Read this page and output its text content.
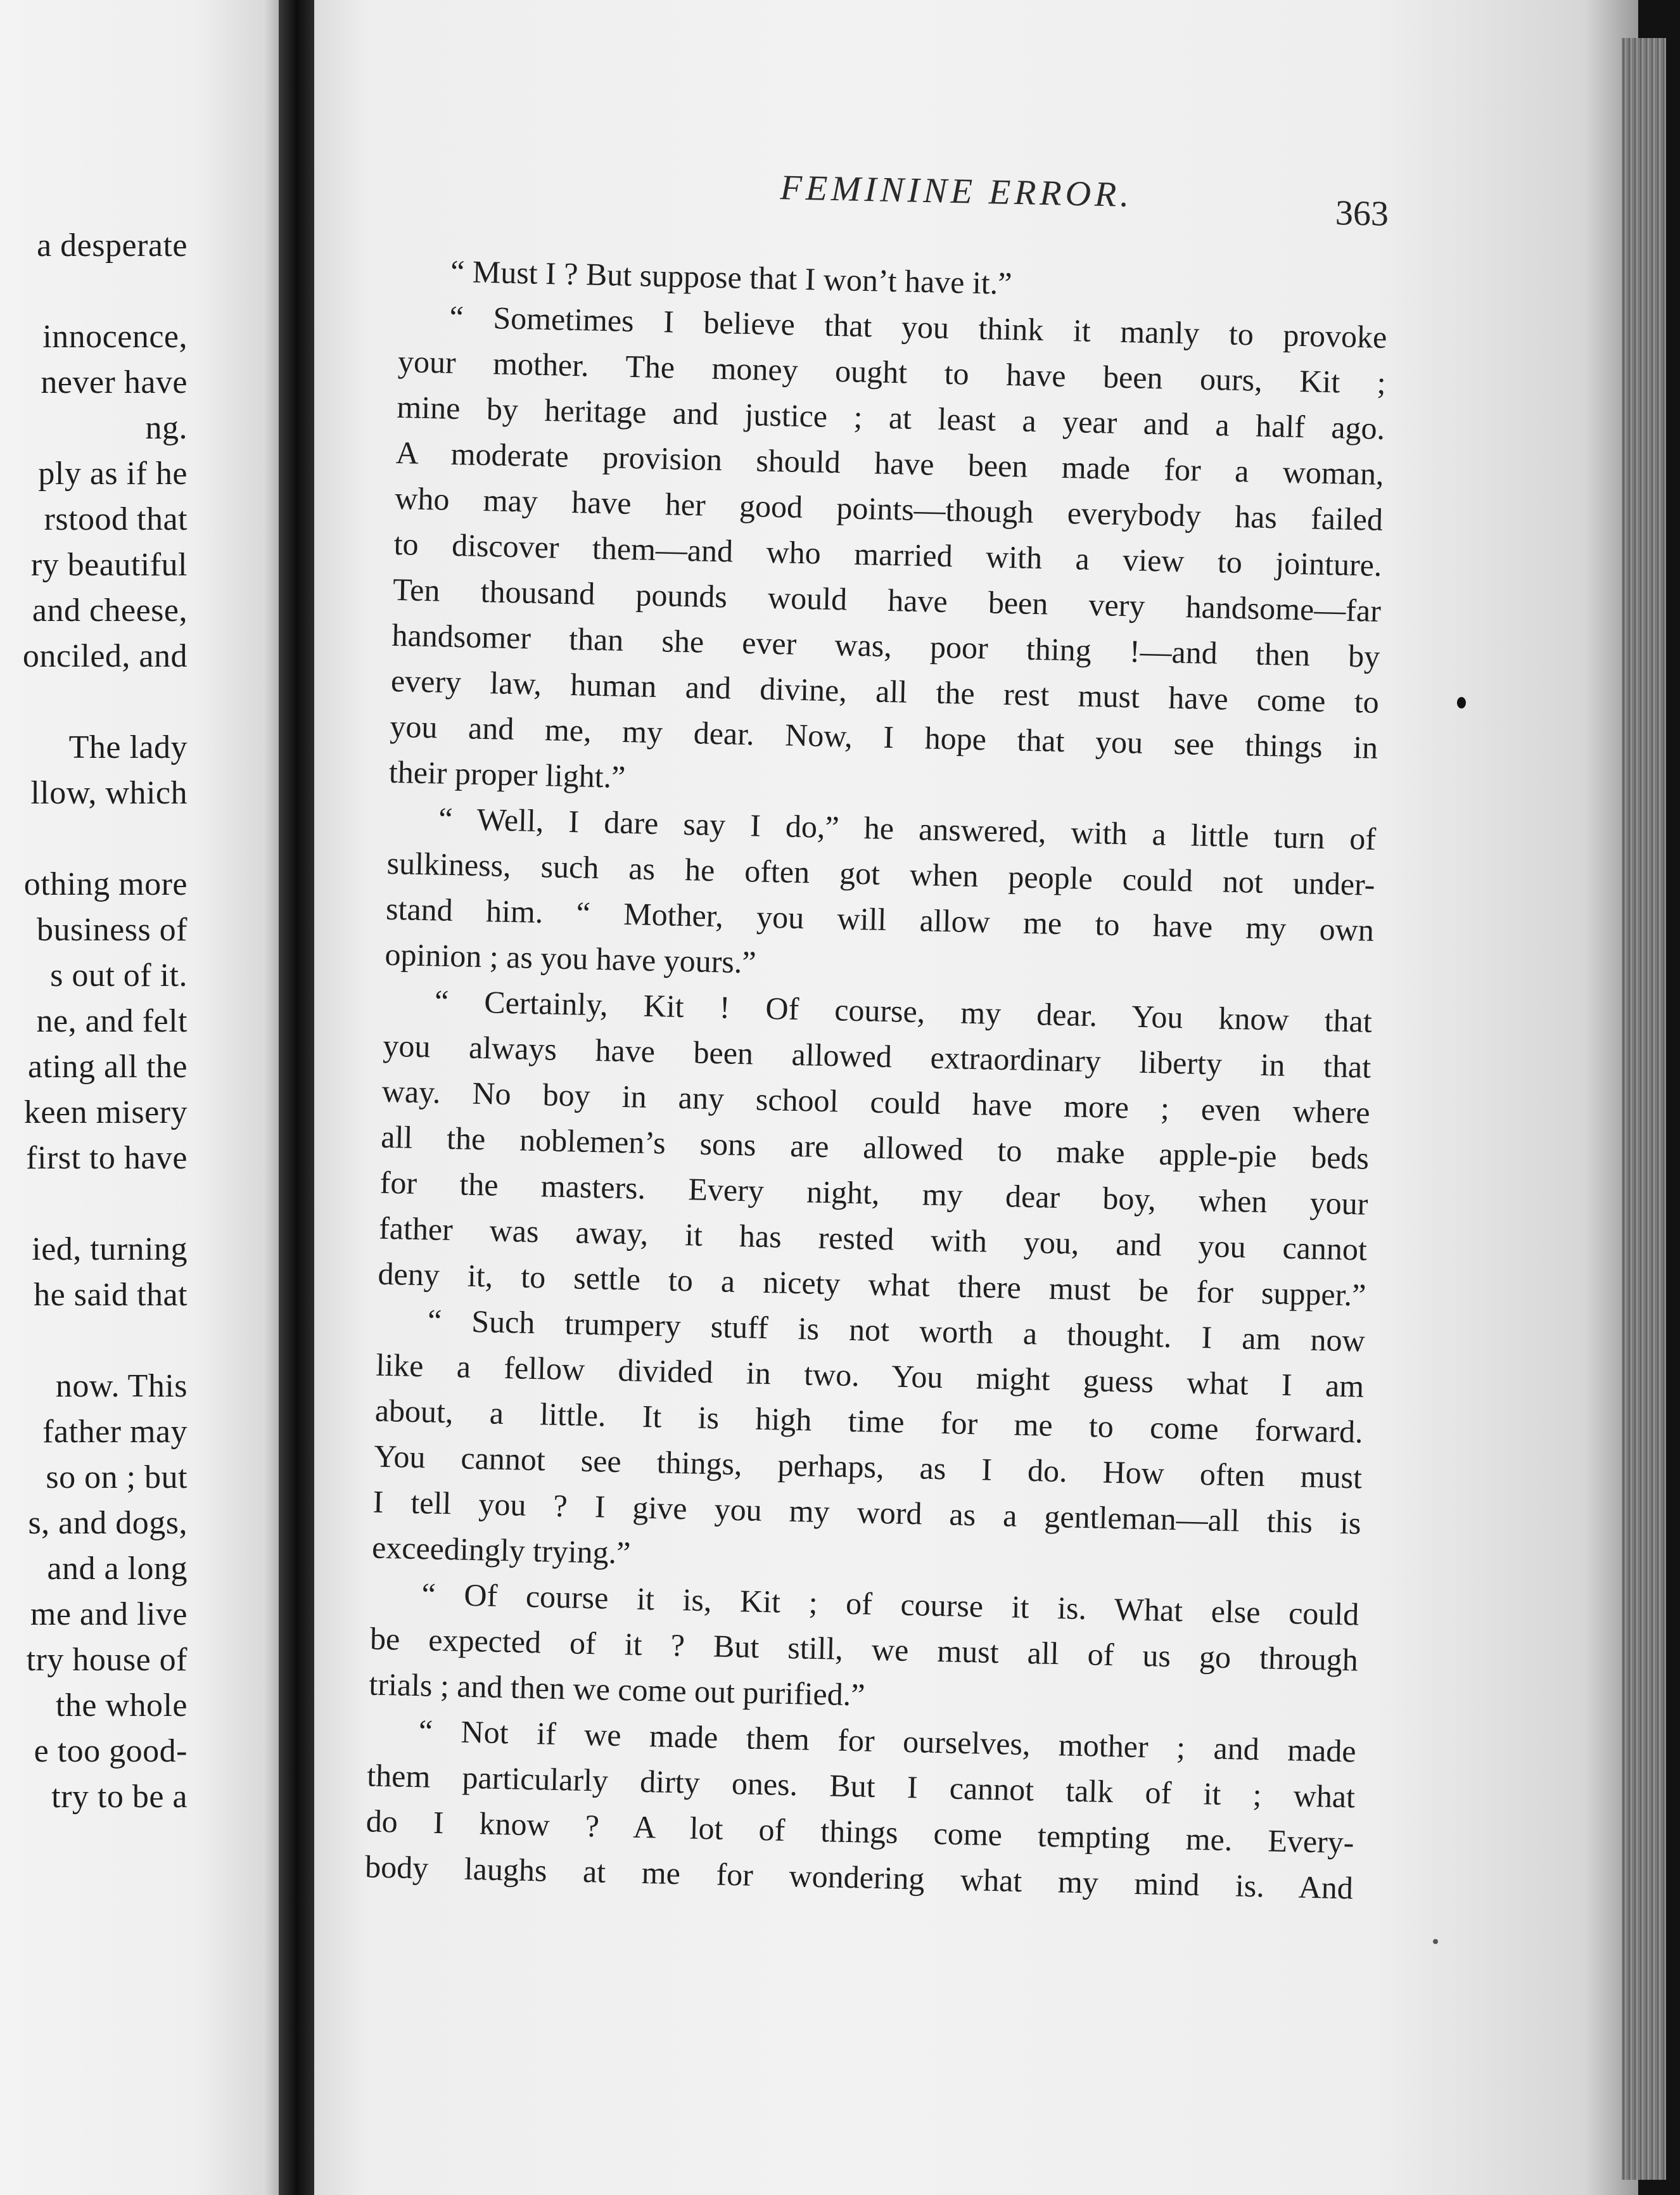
a desperate
innocence,
never have
ng.
ply as if he
rstood that
ry beautiful
and cheese,
onciled, and
The lady
llow, which
othing more
business of
s out of it.
ne, and felt
ating all the
keen misery
first to have
ied, turning
he said that
now. This
father may
so on ; but
s, and dogs,
and a long
me and live
try house of
the whole
e too good-
try to be a
FEMININE ERROR.	363
“ Must I ? But suppose that I won’t have it.”
“ Sometimes I believe that you think it manly to provoke
your mother. The money ought to have been ours, Kit ;
mine by heritage and justice ; at least a year and a half ago.
A moderate provision should have been made for a woman,
who may have her good points—though everybody has failed
to discover them—and who married with a view to jointure.
Ten thousand pounds would have been very handsome—far
handsomer than she ever was, poor thing !—and then by
every law, human and divine, all the rest must have come to
you and me, my dear. Now, I hope that you see things in
their proper light.”
“ Well, I dare say I do,” he answered, with a little turn of
sulkiness, such as he often got when people could not under-
stand him. “ Mother, you will allow me to have my own
opinion ; as you have yours.”
“ Certainly, Kit ! Of course, my dear. You know that
you always have been allowed extraordinary liberty in that
way. No boy in any school could have more ; even where
all the noblemen’s sons are allowed to make apple-pie beds
for the masters. Every night, my dear boy, when your
father was away, it has rested with you, and you cannot
deny it, to settle to a nicety what there must be for supper.”
“ Such trumpery stuff is not worth a thought. I am now
like a fellow divided in two. You might guess what I am
about, a little. It is high time for me to come forward.
You cannot see things, perhaps, as I do. How often must
I tell you ? I give you my word as a gentleman—all this is
exceedingly trying.”
“ Of course it is, Kit ; of course it is. What else could
be expected of it ? But still, we must all of us go through
trials ; and then we come out purified.”
“ Not if we made them for ourselves, mother ; and made
them particularly dirty ones. But I cannot talk of it ; what
do I know ? A lot of things come tempting me. Every-
body laughs at me for wondering what my mind is. And
